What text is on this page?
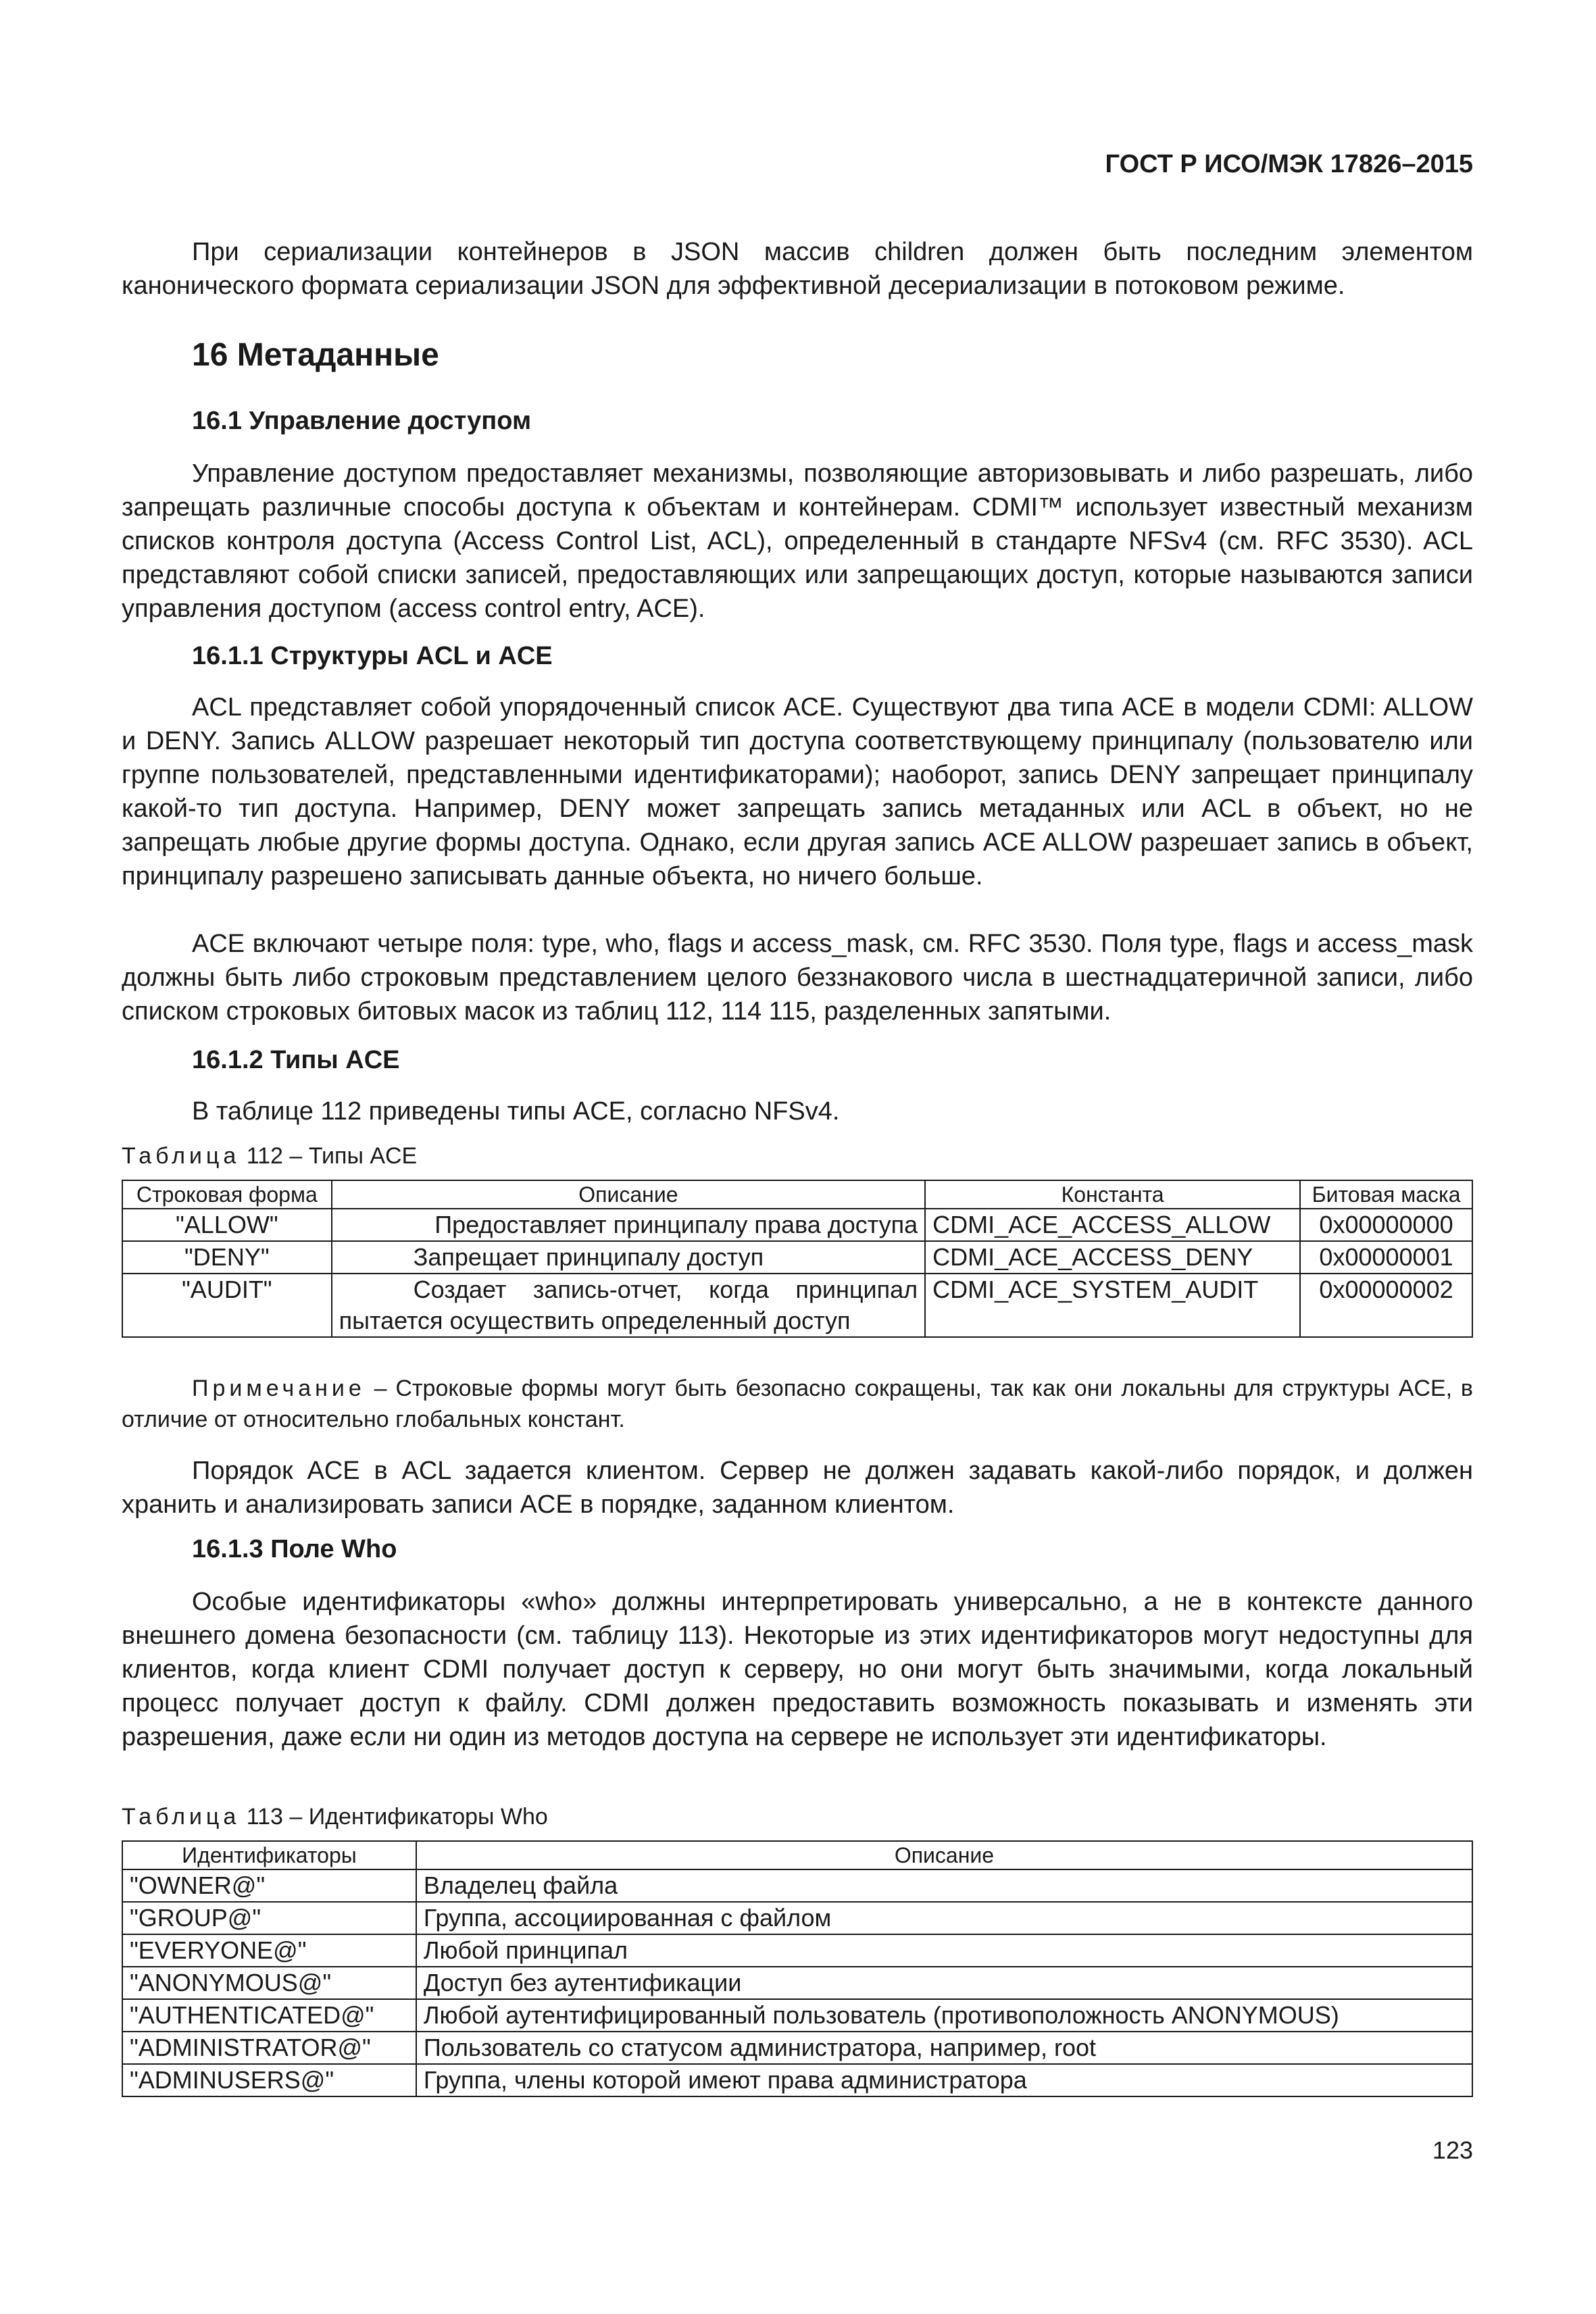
ГОСТ Р ИСО/МЭК 17826–2015
При сериализации контейнеров в JSON массив children должен быть последним элементом канонического формата сериализации JSON для эффективной десериализации в потоковом режиме.
16 Метаданные
16.1 Управление доступом
Управление доступом предоставляет механизмы, позволяющие авторизовывать и либо разрешать, либо запрещать различные способы доступа к объектам и контейнерам. CDMI™ использует известный механизм списков контроля доступа (Access Control List, ACL), определенный в стандарте NFSv4 (см. RFC 3530). ACL представляют собой списки записей, предоставляющих или запрещающих доступ, которые называются записи управления доступом (access control entry, ACE).
16.1.1 Структуры ACL и ACE
ACL представляет собой упорядоченный список ACE. Существуют два типа ACE в модели CDMI: ALLOW и DENY. Запись ALLOW разрешает некоторый тип доступа соответствующему принципалу (пользователю или группе пользователей, представленными идентификаторами); наоборот, запись DENY запрещает принципалу какой-то тип доступа. Например, DENY может запрещать запись метаданных или ACL в объект, но не запрещать любые другие формы доступа. Однако, если другая запись ACE ALLOW разрешает запись в объект, принципалу разрешено записывать данные объекта, но ничего больше.
ACE включают четыре поля: type, who, flags и access_mask, см. RFC 3530. Поля type, flags и access_mask должны быть либо строковым представлением целого беззнакового числа в шестнадцатеричной записи, либо списком строковых битовых масок из таблиц 112, 114 115, разделенных запятыми.
16.1.2 Типы ACE
В таблице 112 приведены типы ACE, согласно NFSv4.
Таблица 112 – Типы ACE
Строковая форма	Описание	Константа	Битовая маска
"ALLOW"	Предоставляет принципалу права доступа	CDMI_ACE_ACCESS_ALLOW	0x00000000
"DENY"	Запрещает принципалу доступ	CDMI_ACE_ACCESS_DENY	0x00000001
"AUDIT"	Создает запись-отчет, когда принципал пытается осуществить определенный доступ	CDMI_ACE_SYSTEM_AUDIT	0x00000002
Примечание – Строковые формы могут быть безопасно сокращены, так как они локальны для структуры ACE, в отличие от относительно глобальных констант.
Порядок ACE в ACL задается клиентом. Сервер не должен задавать какой-либо порядок, и должен хранить и анализировать записи ACE в порядке, заданном клиентом.
16.1.3 Поле Who
Особые идентификаторы «who» должны интерпретировать универсально, а не в контексте данного внешнего домена безопасности (см. таблицу 113). Некоторые из этих идентификаторов могут недоступны для клиентов, когда клиент CDMI получает доступ к серверу, но они могут быть значимыми, когда локальный процесс получает доступ к файлу. CDMI должен предоставить возможность показывать и изменять эти разрешения, даже если ни один из методов доступа на сервере не использует эти идентификаторы.
Таблица 113 – Идентификаторы Who
Идентификаторы	Описание
"OWNER@"	Владелец файла
"GROUP@"	Группа, ассоциированная с файлом
"EVERYONE@"	Любой принципал
"ANONYMOUS@"	Доступ без аутентификации
"AUTHENTICATED@"	Любой аутентифицированный пользователь (противоположность ANONYMOUS)
"ADMINISTRATOR@"	Пользователь со статусом администратора, например, root
"ADMINUSERS@"	Группа, члены которой имеют права администратора
123
